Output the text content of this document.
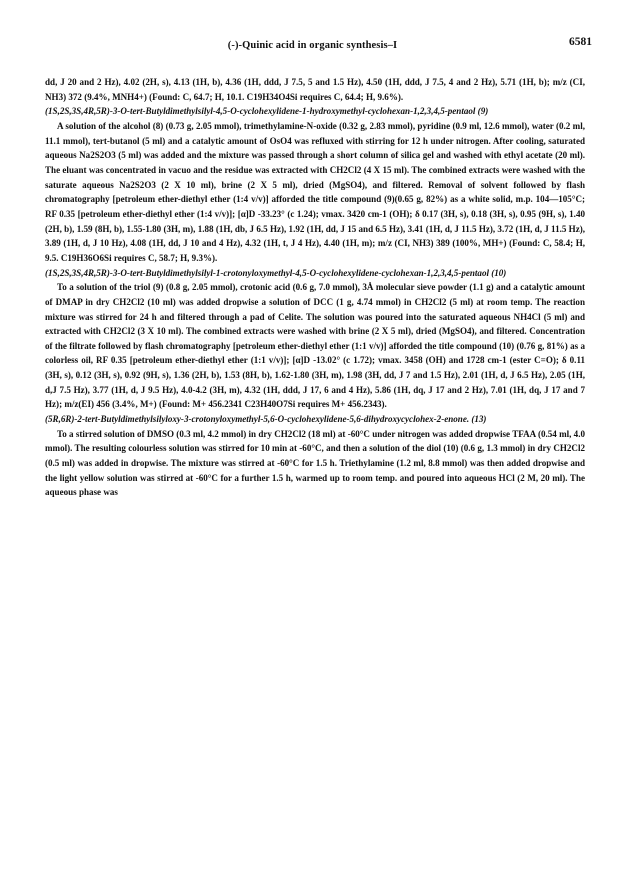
(-)-Quinic acid in organic synthesis–I	6581

dd, J 20 and 2 Hz), 4.02 (2H, s), 4.13 (1H, b), 4.36 (1H, ddd, J 7.5, 5 and 1.5 Hz), 4.50 (1H, ddd, J 7.5, 4 and 2 Hz), 5.71 (1H, b); m/z (CI, NH3) 372 (9.4%, MNH4+) (Found: C, 64.7; H, 10.1. C19H34O4Si requires C, 64.4; H, 9.6%).

(1S,2S,3S,4R,5R)-3-O-tert-Butyldimethylsilyl-4,5-O-cyclohexylidene-1-hydroxymethyl-cyclohexan-1,2,3,4,5-pentaol (9)

A solution of the alcohol (8) (0.73 g, 2.05 mmol), trimethylamine-N-oxide (0.32 g, 2.83 mmol), pyridine (0.9 ml, 12.6 mmol), water (0.2 ml, 11.1 mmol), tert-butanol (5 ml) and a catalytic amount of OsO4 was refluxed with stirring for 12 h under nitrogen. After cooling, saturated aqueous Na2S2O3 (5 ml) was added and the mixture was passed through a short column of silica gel and washed with ethyl acetate (20 ml). The eluant was concentrated in vacuo and the residue was extracted with CH2Cl2 (4 X 15 ml). The combined extracts were washed with the saturate aqueous Na2S2O3 (2 X 10 ml), brine (2 X 5 ml), dried (MgSO4), and filtered. Removal of solvent followed by flash chromatography [petroleum ether-diethyl ether (1:4 v/v)] afforded the title compound (9)(0.65 g, 82%) as a white solid, m.p. 104—105°C; RF 0.35 [petroleum ether-diethyl ether (1:4 v/v)]; [α]D -33.23° (c 1.24); vmax. 3420 cm-1 (OH); δ 0.17 (3H, s), 0.18 (3H, s), 0.95 (9H, s), 1.40 (2H, b), 1.59 (8H, b), 1.55-1.80 (3H, m), 1.88 (1H, db, J 6.5 Hz), 1.92 (1H, dd, J 15 and 6.5 Hz), 3.41 (1H, d, J 11.5 Hz), 3.72 (1H, d, J 11.5 Hz), 3.89 (1H, d, J 10 Hz), 4.08 (1H, dd, J 10 and 4 Hz), 4.32 (1H, t, J 4 Hz), 4.40 (1H, m); m/z (CI, NH3) 389 (100%, MH+) (Found: C, 58.4; H, 9.5. C19H36O6Si requires C, 58.7; H, 9.3%).

(1S,2S,3S,4R,5R)-3-O-tert-Butyldimethylsilyl-1-crotonyloxymethyl-4,5-O-cyclohexylidene-cyclohexan-1,2,3,4,5-pentaol (10)

To a solution of the triol (9) (0.8 g, 2.05 mmol), crotonic acid (0.6 g, 7.0 mmol), 3Å molecular sieve powder (1.1 g) and a catalytic amount of DMAP in dry CH2Cl2 (10 ml) was added dropwise a solution of DCC (1 g, 4.74 mmol) in CH2Cl2 (5 ml) at room temp. The reaction mixture was stirred for 24 h and filtered through a pad of Celite. The solution was poured into the saturated aqueous NH4Cl (5 ml) and extracted with CH2Cl2 (3 X 10 ml). The combined extracts were washed with brine (2 X 5 ml), dried (MgSO4), and filtered. Concentration of the filtrate followed by flash chromatography [petroleum ether-diethyl ether (1:1 v/v)] afforded the title compound (10) (0.76 g, 81%) as a colorless oil, RF 0.35 [petroleum ether-diethyl ether (1:1 v/v)]; [α]D -13.02° (c 1.72); vmax. 3458 (OH) and 1728 cm-1 (ester C=O); δ 0.11 (3H, s), 0.12 (3H, s), 0.92 (9H, s), 1.36 (2H, b), 1.53 (8H, b), 1.62-1.80 (3H, m), 1.98 (3H, dd, J 7 and 1.5 Hz), 2.01 (1H, d, J 6.5 Hz), 2.05 (1H, d,J 7.5 Hz), 3.77 (1H, d, J 9.5 Hz), 4.0-4.2 (3H, m), 4.32 (1H, ddd, J 17, 6 and 4 Hz), 5.86 (1H, dq, J 17 and 2 Hz), 7.01 (1H, dq, J 17 and 7 Hz); m/z(EI) 456 (3.4%, M+) (Found: M+ 456.2341 C23H40O7Si requires M+ 456.2343).

(5R,6R)-2-tert-Butyldimethylsilyloxy-3-crotonyloxymethyl-5,6-O-cyclohexylidene-5,6-dihydroxycyclohex-2-enone. (13)

To a stirred solution of DMSO (0.3 ml, 4.2 mmol) in dry CH2Cl2 (18 ml) at -60°C under nitrogen was added dropwise TFAA (0.54 ml, 4.0 mmol). The resulting colourless solution was stirred for 10 min at -60°C, and then a solution of the diol (10) (0.6 g, 1.3 mmol) in dry CH2Cl2 (0.5 ml) was added in dropwise. The mixture was stirred at -60°C for 1.5 h. Triethylamine (1.2 ml, 8.8 mmol) was then added dropwise and the light yellow solution was stirred at -60°C for a further 1.5 h, warmed up to room temp. and poured into aqueous HCl (2 M, 20 ml). The aqueous phase was
